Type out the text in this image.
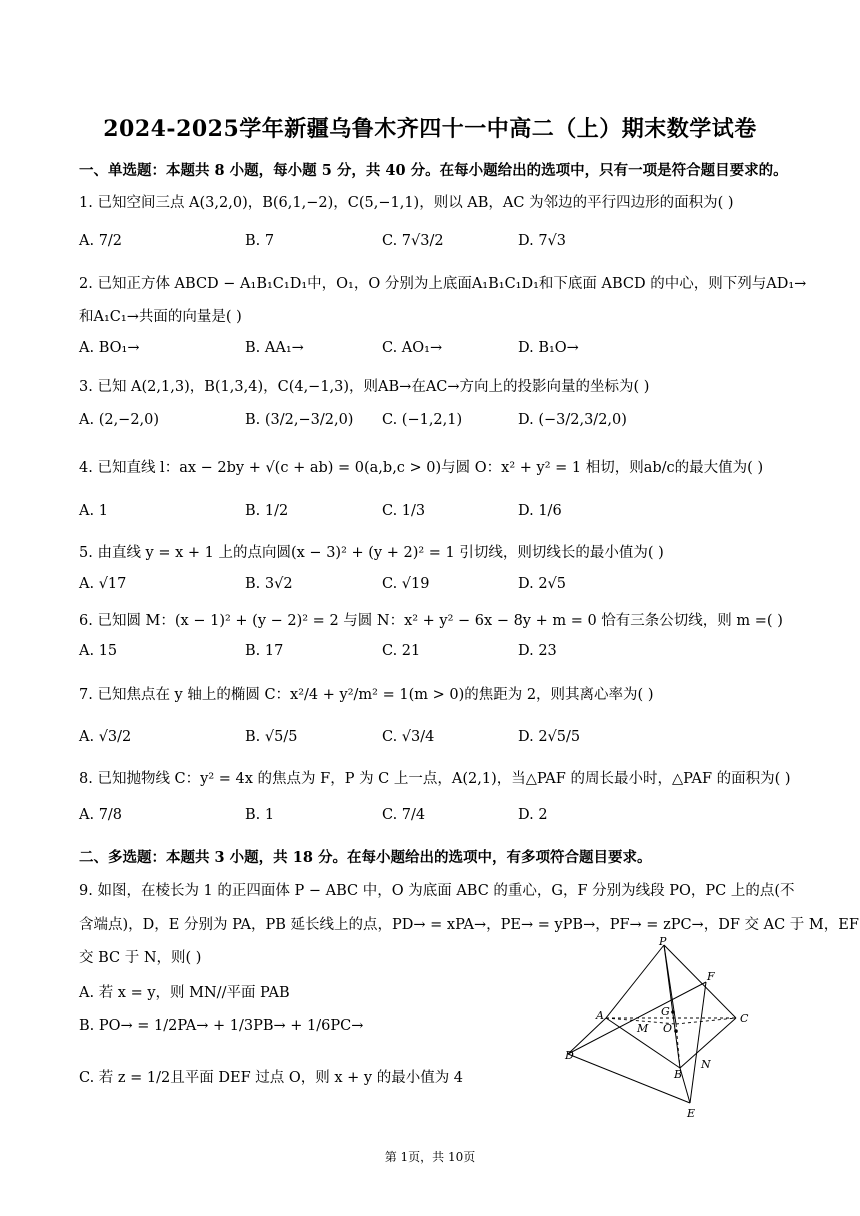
2024-2025学年新疆乌鲁木齐四十一中高二（上）期末数学试卷
一、单选题：本题共 8 小题，每小题 5 分，共 40 分。在每小题给出的选项中，只有一项是符合题目要求的。
1. 已知空间三点 A(3,2,0)，B(6,1,−2)，C(5,−1,1)，则以 AB，AC 为邻边的平行四边形的面积为( )
A. 7/2	B. 7	C. 7√3/2	D. 7√3
2. 已知正方体 ABCD − A₁B₁C₁D₁中，O₁，O 分别为上底面A₁B₁C₁D₁和下底面 ABCD 的中心，则下列与AD₁→
和A₁C₁→共面的向量是( )
A. BO₁→	B. AA₁→	C. AO₁→	D. B₁O→
3. 已知 A(2,1,3)，B(1,3,4)，C(4,−1,3)，则AB→在AC→方向上的投影向量的坐标为( )
A. (2,−2,0)	B. (3/2,−3/2,0) C. (−1,2,1)	D. (−3/2,3/2,0)
4. 已知直线 l：ax − 2by + √(c + ab) = 0(a,b,c > 0)与圆 O：x² + y² = 1 相切，则ab/c的最大值为( )
A. 1	B. 1/2	C. 1/3	D. 1/6
5. 由直线 y = x + 1 上的点向圆(x − 3)² + (y + 2)² = 1 引切线，则切线长的最小值为( )
A. √17	B. 3√2	C. √19	D. 2√5
6. 已知圆 M：(x − 1)² + (y − 2)² = 2 与圆 N：x² + y² − 6x − 8y + m = 0 恰有三条公切线，则 m =( )
A. 15	B. 17	C. 21	D. 23
7. 已知焦点在 y 轴上的椭圆 C：x²/4 + y²/m² = 1(m > 0)的焦距为 2，则其离心率为( )
A. √3/2	B. √5/5	C. √3/4	D. 2√5/5
8. 已知抛物线 C：y² = 4x 的焦点为 F，P 为 C 上一点，A(2,1)，当△PAF 的周长最小时，△PAF 的面积为( )
A. 7/8	B. 1	C. 7/4	D. 2
二、多选题：本题共 3 小题，共 18 分。在每小题给出的选项中，有多项符合题目要求。
9. 如图，在棱长为 1 的正四面体 P − ABC 中，O 为底面 ABC 的重心，G，F 分别为线段 PO，PC 上的点(不
含端点)，D，E 分别为 PA，PB 延长线上的点，PD→ = xPA→，PE→ = yPB→，PF→ = zPC→，DF 交 AC 于 M，EF
交 BC 于 N，则( )
A. 若 x = y，则 MN//平面 PAB
B. PO→ = 1/2PA→ + 1/3PB→ + 1/6PC→
C. 若 z = 1/2且平面 DEF 过点 O，则 x + y 的最小值为 4
P
F
A	G
M O
C
D
B
N
E
第 1页，共 10页
